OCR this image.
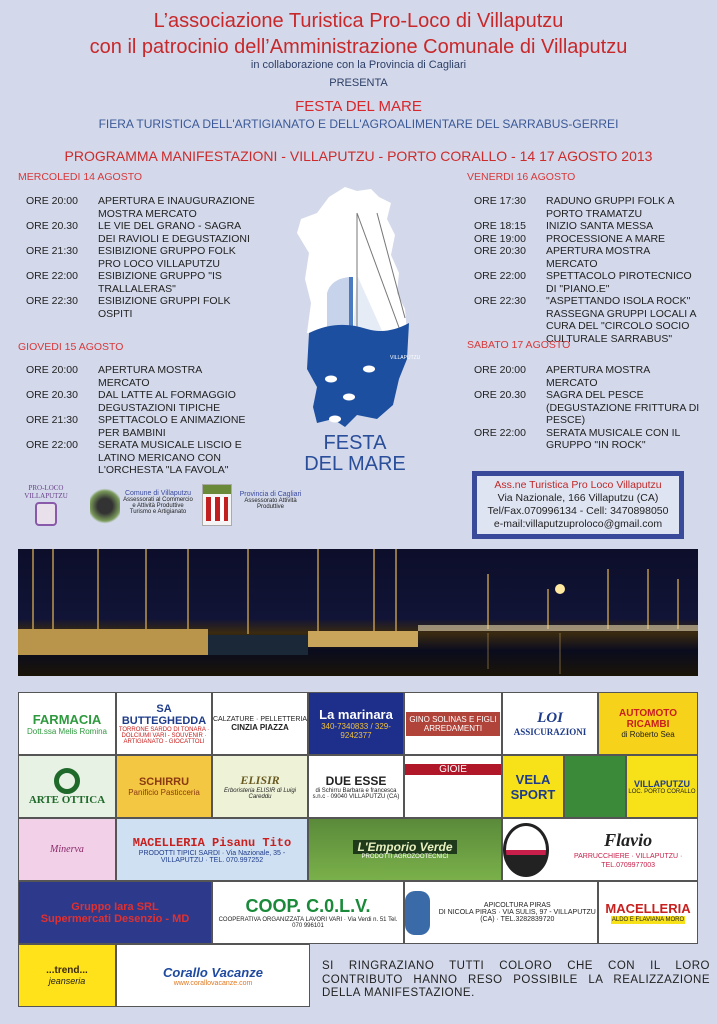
L’associazione Turistica Pro-Loco di Villaputzu
con il patrocinio dell’Amministrazione Comunale di Villaputzu
in collaborazione con la Provincia di Cagliari
PRESENTA
FESTA DEL MARE
FIERA TURISTICA DELL'ARTIGIANATO E DELL'AGROALIMENTARE DEL SARRABUS-GERREI
PROGRAMMA MANIFESTAZIONI - VILLAPUTZU - PORTO CORALLO - 14 17 AGOSTO 2013
MERCOLEDI 14 AGOSTO
ORE 20:00	APERTURA E INAUGURAZIONE MOSTRA MERCATO
ORE 20.30	LE VIE DEL GRANO - SAGRA DEI RAVIOLI E DEGUSTAZIONI
ORE 21:30	ESIBIZIONE GRUPPO FOLK PRO LOCO VILLAPUTZU
ORE 22:00	ESIBIZIONE GRUPPO "IS TRALLALERAS"
ORE 22:30	ESIBIZIONE GRUPPI FOLK OSPITI
GIOVEDI 15 AGOSTO
ORE 20:00	APERTURA MOSTRA MERCATO
ORE 20.30	DAL LATTE AL FORMAGGIO DEGUSTAZIONI TIPICHE
ORE 21:30	SPETTACOLO E ANIMAZIONE PER BAMBINI
ORE 22:00	SERATA MUSICALE LISCIO E LATINO MERICANO CON L'ORCHESTA "LA FAVOLA"
VENERDI 16 AGOSTO
ORE 17:30	RADUNO GRUPPI FOLK A PORTO TRAMATZU
ORE 18:15	INIZIO SANTA MESSA
ORE 19:00	PROCESSIONE A MARE
ORE 20:30	APERTURA MOSTRA MERCATO
ORE 22:00	SPETTACOLO PIROTECNICO DI "PIANO.E"
ORE 22:30	"ASPETTANDO ISOLA ROCK" RASSEGNA GRUPPI LOCALI A CURA DEL "CIRCOLO SOCIO CULTURALE SARRABUS"
SABATO 17 AGOSTO
ORE 20:00	APERTURA MOSTRA MERCATO
ORE 20.30	SAGRA DEL PESCE (DEGUSTAZIONE FRITTURA DI PESCE)
ORE 22:00	SERATA MUSICALE CON IL GRUPPO "IN ROCK"
VILLAPUTZU
FESTA
DEL MARE
PRO-LOCO VILLAPUTZU	Comune di Villaputzu
Assessorati al Commercio e Attività Produttive Turismo e Artigianato
Provincia di Cagliari
Assessorato Attività Produttive
Ass.ne Turistica Pro Loco Villaputzu
Via Nazionale, 166 Villaputzu (CA)
Tel/Fax.070996134 - Cell: 3470898050
e-mail:villaputzuproloco@gmail.com
FARMACIA
Dott.ssa Melis Romina
SA BUTTEGHEDDA
TORRONE SARDO DI TONARA · DOLCIUMI VARI - SOUVENIR · ARTIGIANATO - GIOCATTOLI
CALZATURE · PELLETTERIA
CINZIA PIAZZA
La marinara
340-7340833 / 329-9242377
GINO SOLINAS E FIGLI
ARREDAMENTI
LOI
ASSICURAZIONI
AUTOMOTO RICAMBI
di Roberto Sea
ARTE OTTICA
SCHIRRU
Panificio Pasticceria
ELISIR
Erboristeria ELISIR di Luigi Careddu
DUE ESSE
di Schirru Barbara e francesca s.n.c · 09040 VILLAPUTZU (CA)
GIOIE
VELA SPORT
VILLAPUTZU
LOC. PORTO CORALLO
Minerva	MACELLERIA Pisanu Tito
PRODOTTI TIPICI SARDI · Via Nazionale, 35 - VILLAPUTZU · TEL. 070.997252
L'Emporio Verde
PRODOTTI AGROZOOTECNICI
Flavio
PARRUCCHIERE · VILLAPUTZU · TEL.0709977003
Gruppo Iara SRL
Supermercati Desenzio - MD
COOP. C.0.L.V.
COOPERATIVA ORGANIZZATA LAVORI VARI · Via Verdi n. 51 Tel. 070 996101
APICOLTURA PIRAS
DI NICOLA PIRAS · VIA SULIS, 97 - VILLAPUTZU (CA) · TEL.3282839720
MACELLERIA
ALDO E FLAVIANA MORO
...trend...
jeanseria
Corallo Vacanze
www.corallovacanze.com
SI RINGRAZIANO TUTTI COLORO CHE CON IL LORO CONTRIBUTO HANNO RESO POSSIBILE LA REALIZZAZIONE DELLA MANIFESTAZIONE.
